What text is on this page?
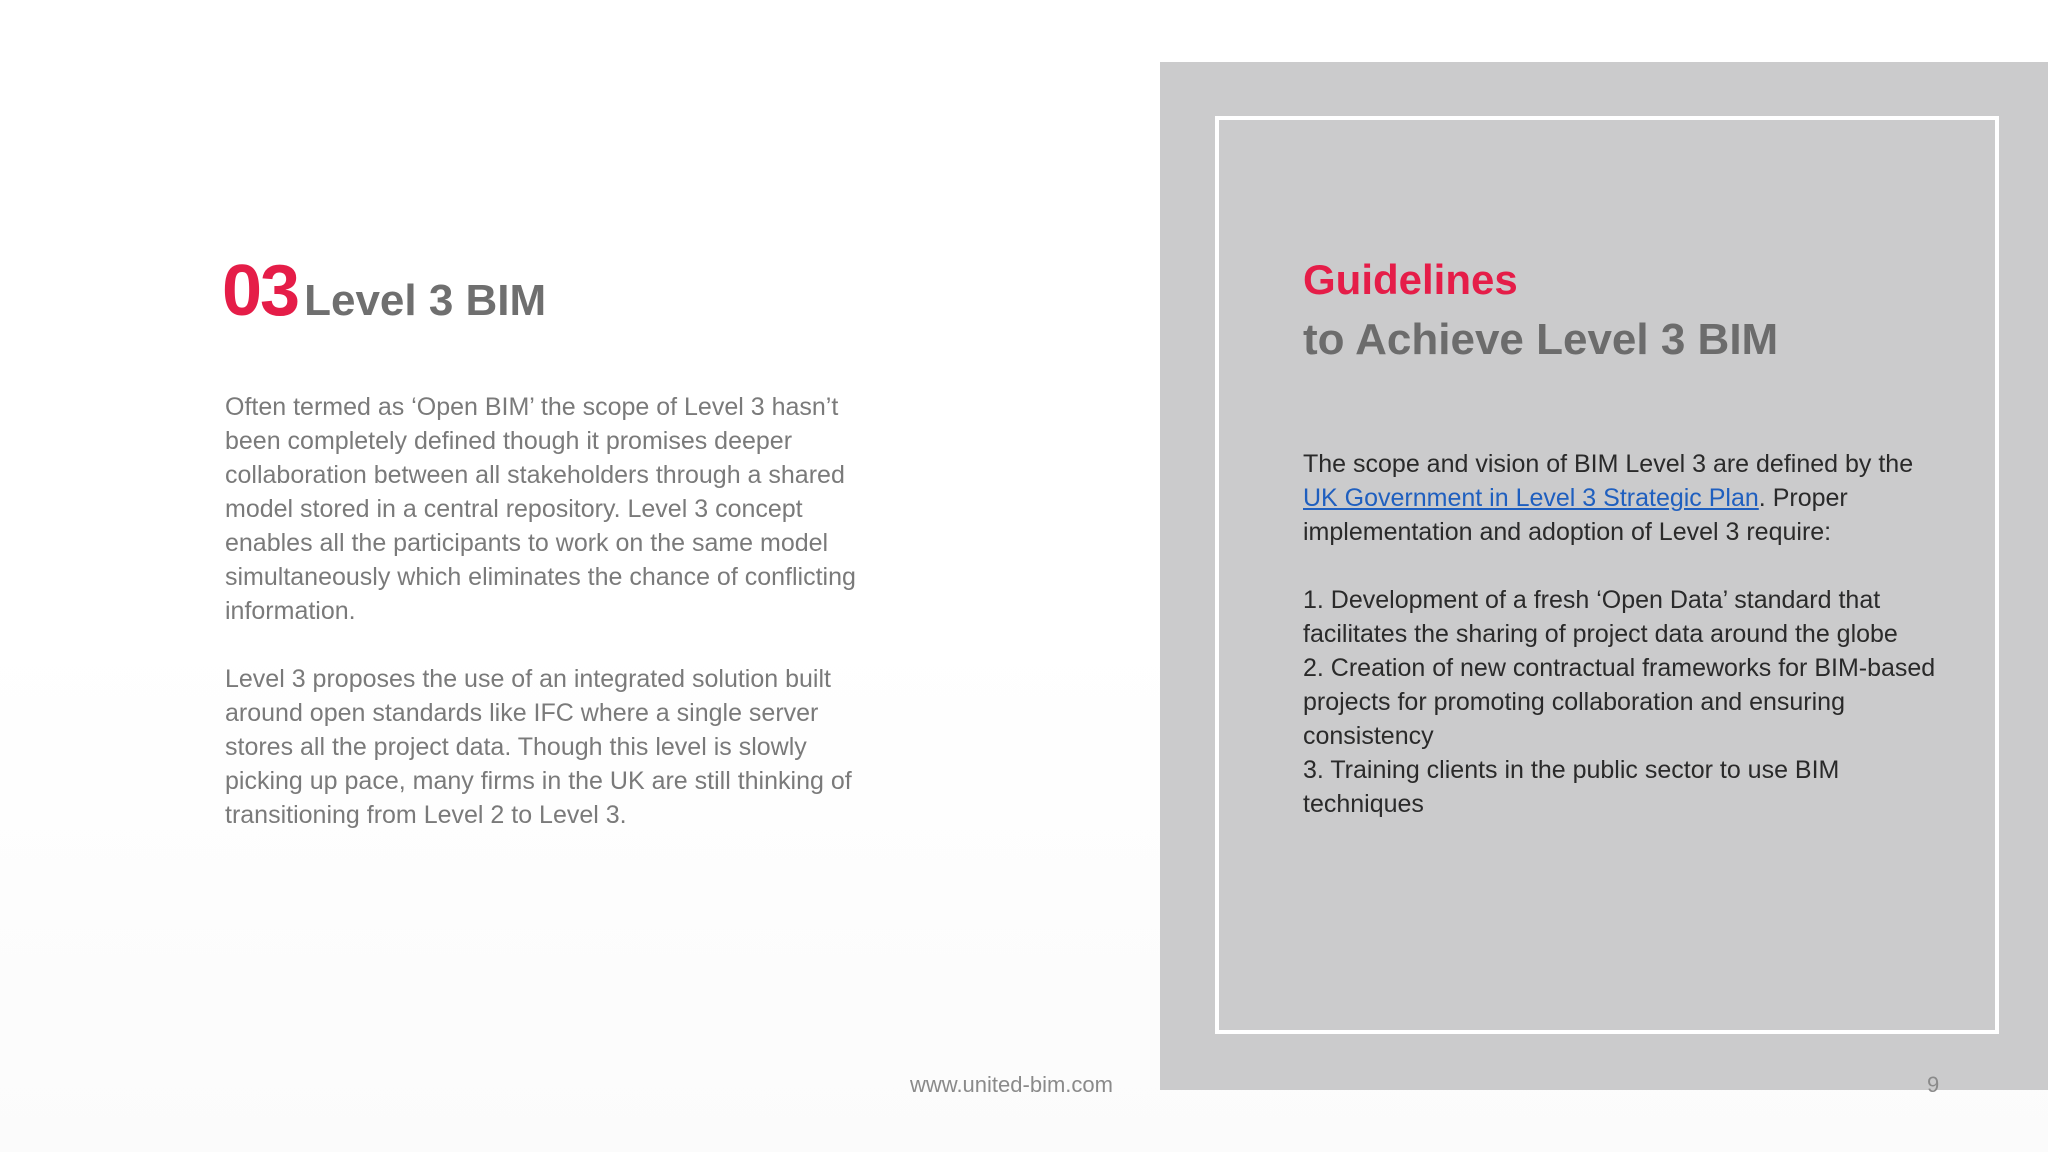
03 Level 3 BIM

Often termed as ‘Open BIM’ the scope of Level 3 hasn’t been completely defined though it promises deeper collaboration between all stakeholders through a shared model stored in a central repository. Level 3 concept enables all the participants to work on the same model simultaneously which eliminates the chance of conflicting information.

Level 3 proposes the use of an integrated solution built around open standards like IFC where a single server stores all the project data. Though this level is slowly picking up pace, many firms in the UK are still thinking of transitioning from Level 2 to Level 3.

Guidelines
to Achieve Level 3 BIM

The scope and vision of BIM Level 3 are defined by the UK Government in Level 3 Strategic Plan. Proper implementation and adoption of Level 3 require:

1. Development of a fresh ‘Open Data’ standard that facilitates the sharing of project data around the globe

2. Creation of new contractual frameworks for BIM-based projects for promoting collaboration and ensuring consistency

3. Training clients in the public sector to use BIM techniques

www.united-bim.com	9
